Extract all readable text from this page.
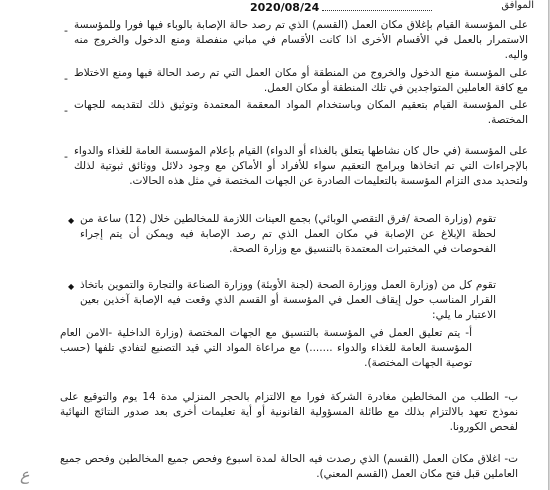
الموافق
2020/08/24
- على المؤسسة القيام بإغلاق مكان العمل (القسم) الذي تم رصد حالة الإصابة بالوباء فيها فورا وللمؤسسة الاستمرار بالعمل في الأقسام الأخرى اذا كانت الأقسام في مباني منفصلة ومنع الدخول والخروج منه واليه.
- على المؤسسة منع الدخول والخروج من المنطقة أو مكان العمل التي تم رصد الحالة فيها ومنع الاختلاط مع كافة العاملين المتواجدين في تلك المنطقة أو مكان العمل.
- على المؤسسة القيام بتعقيم المكان وباستخدام المواد المعقمة المعتمدة وتوثيق ذلك لتقديمه للجهات المختصة.
- على المؤسسة (في حال كان نشاطها يتعلق بالغذاء أو الدواء) القيام بإعلام المؤسسة العامة للغذاء والدواء بالإجراءات التي تم اتخاذها وبرامج التعقيم سواء للأفراد أو الأماكن مع وجود دلائل ووثائق ثبوتية لذلك ولتحديد مدى التزام المؤسسة بالتعليمات الصادرة عن الجهات المختصة في مثل هذه الحالات.
◆ تقوم (وزارة الصحة /فرق التقصي الوبائي) بجمع العينات اللازمة للمخالطين خلال (12) ساعة من لحظة الإبلاغ عن الإصابة في مكان العمل الذي تم رصد الإصابة فيه ويمكن أن يتم إجراء الفحوصات في المختبرات المعتمدة بالتنسيق مع وزارة الصحة.
◆ تقوم كل من (وزارة العمل ووزارة الصحة (لجنة الأوبئة) ووزارة الصناعة والتجارة والتموين باتخاذ القرار المناسب حول إيقاف العمل في المؤسسة أو القسم الذي وقعت فيه الإصابة آخذين بعين الاعتبار ما يلي:
أ- يتم تعليق العمل في المؤسسة بالتنسيق مع الجهات المختصة (وزارة الداخلية -الامن العام المؤسسة العامة للغذاء والدواء .......) مع مراعاة المواد التي قيد التصنيع لتفادي تلفها (حسب توصية الجهات المختصة).
ب- الطلب من المخالطين مغادرة الشركة فورا مع الالتزام بالحجر المنزلي مدة 14 يوم والتوقيع على نموذج تعهد بالالتزام بذلك مع طائلة المسؤولية القانونية أو أية تعليمات أخرى بعد صدور النتائج النهائية لفحص الكورونا.
ت- اغلاق مكان العمل (القسم) الذي رصدت فيه الحالة لمدة اسبوع وفحص جميع المخالطين وفحص جميع العاملين قبل فتح مكان العمل (القسم المعني).
ع
